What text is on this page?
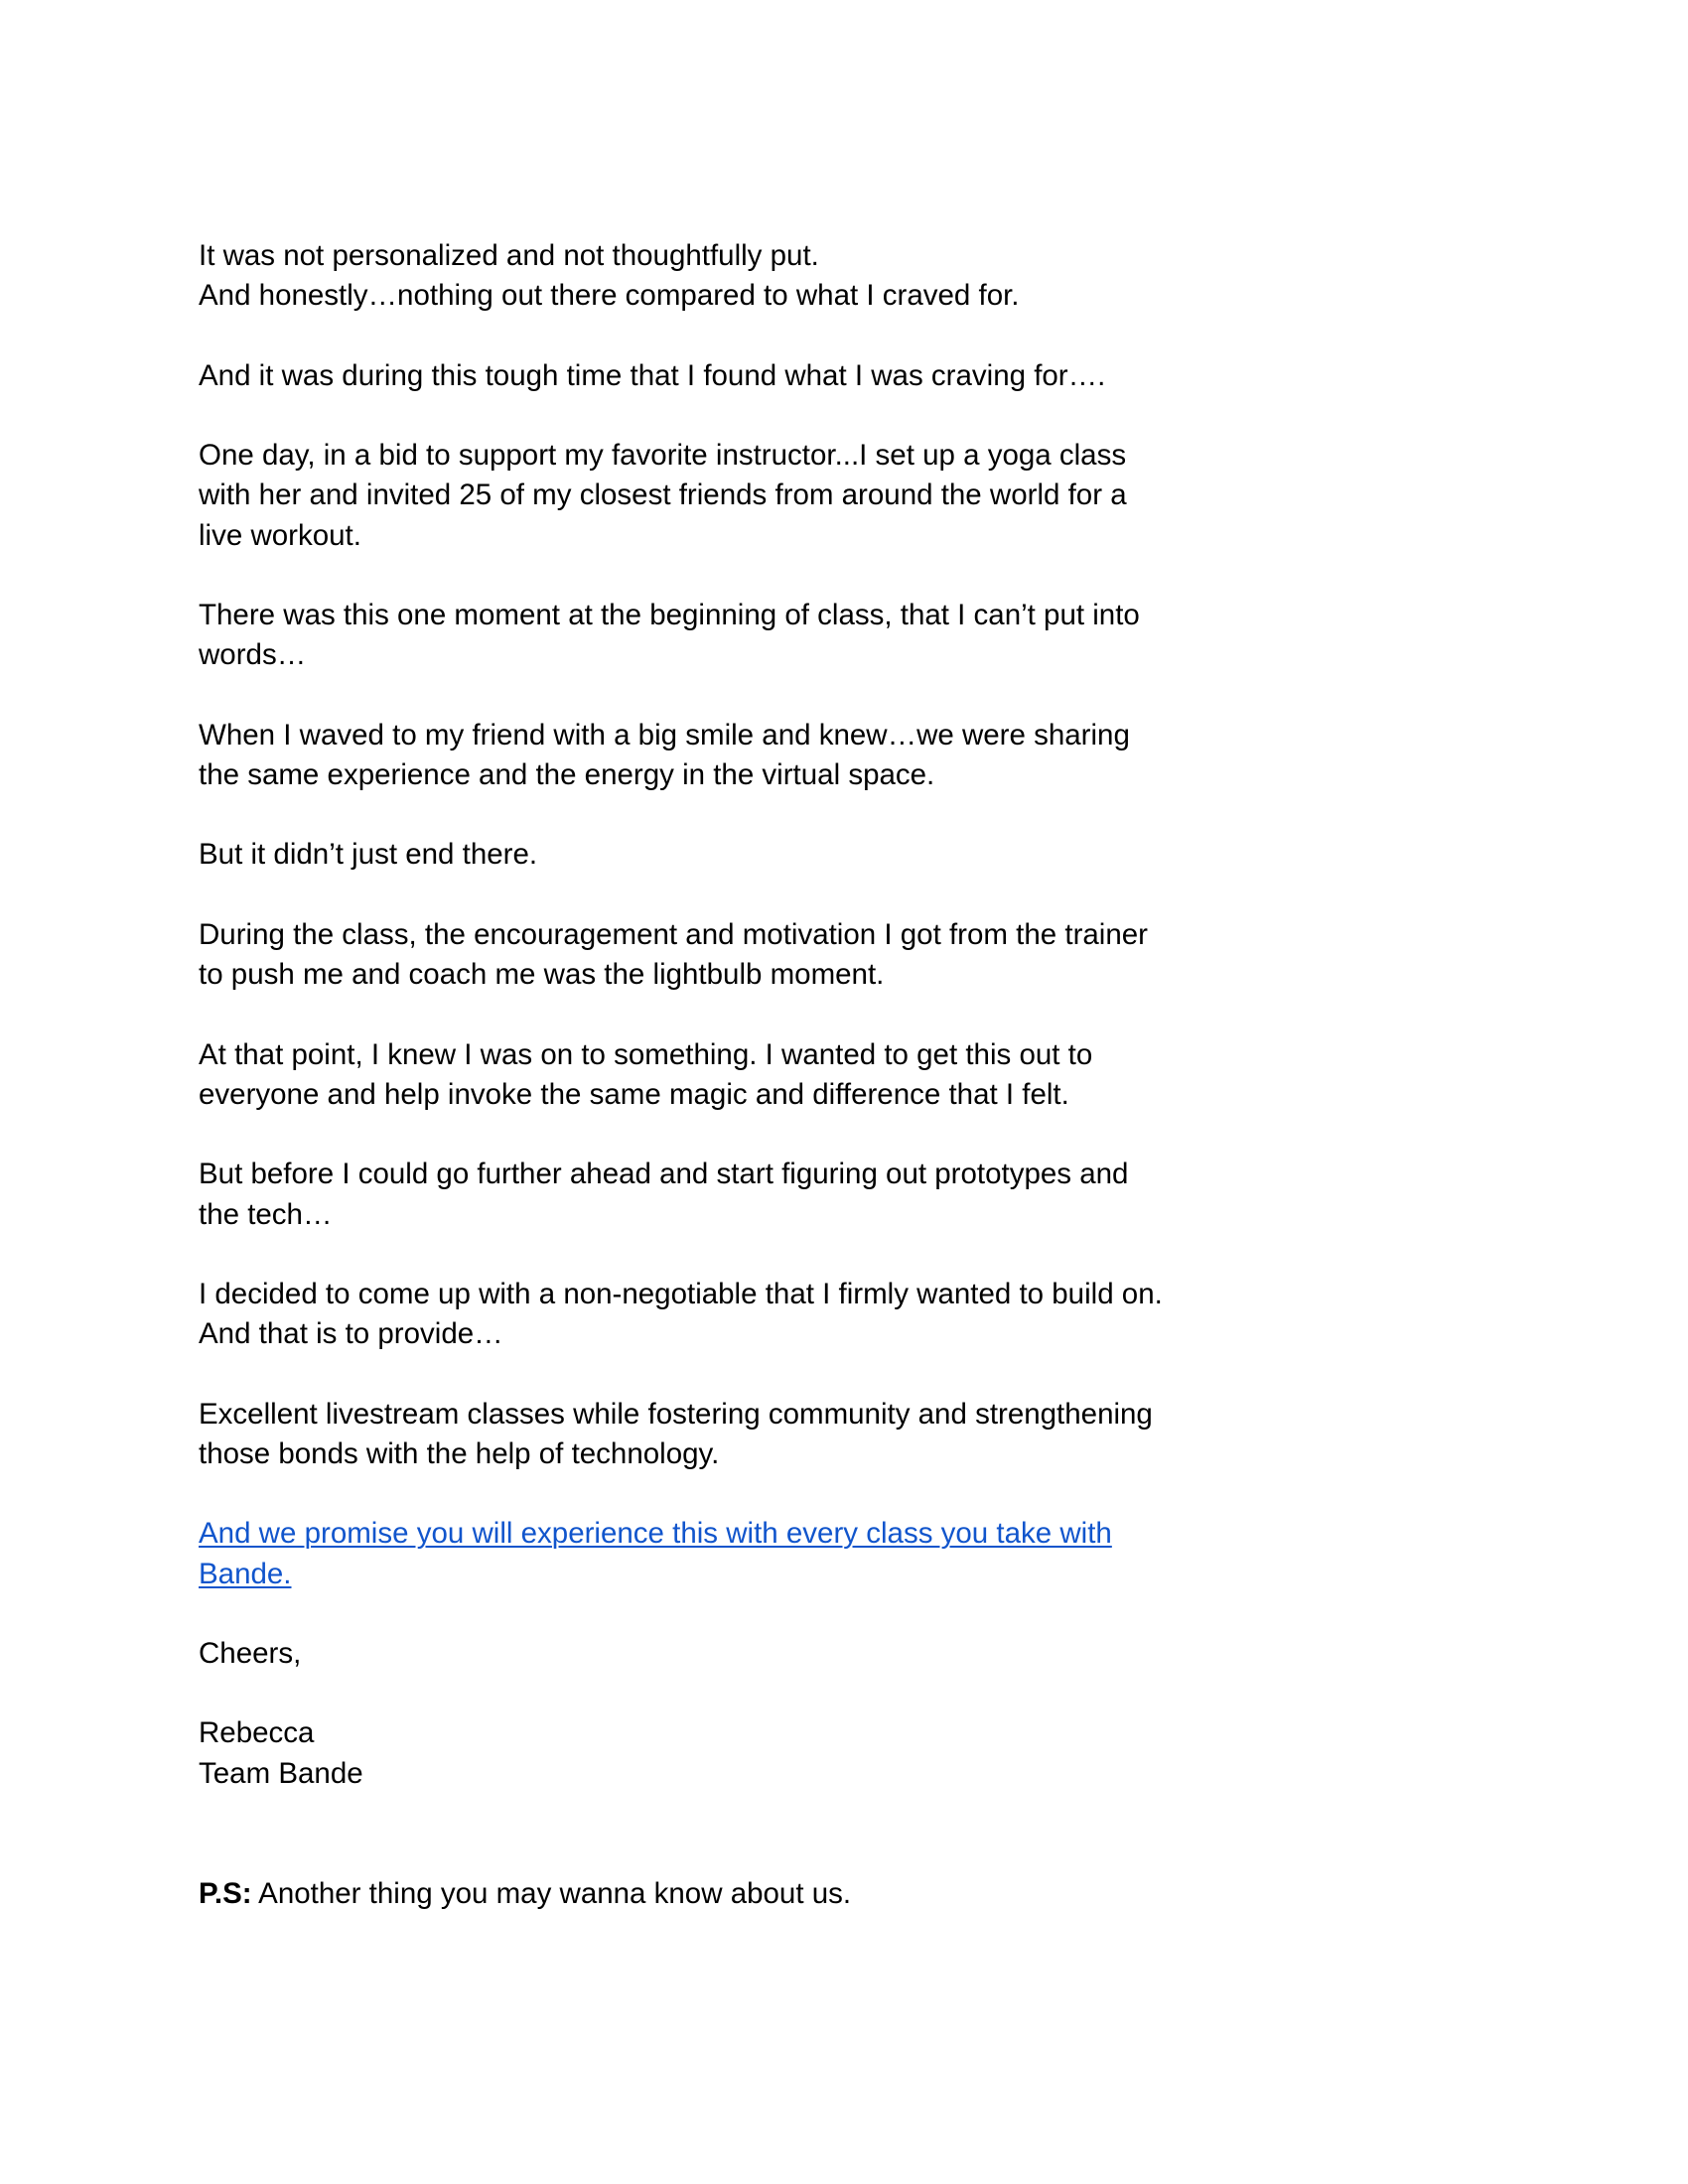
It was not personalized and not thoughtfully put.
And honestly…nothing out there compared to what I craved for.
And it was during this tough time that I found what I was craving for….
One day, in a bid to support my favorite instructor...I set up a yoga class
with her and invited 25 of my closest friends from around the world for a
live workout.
There was this one moment at the beginning of class, that I can’t put into
words…
When I waved to my friend with a big smile and knew…we were sharing
the same experience and the energy in the virtual space.
But it didn’t just end there.
During the class, the encouragement and motivation I got from the trainer
to push me and coach me was the lightbulb moment.
At that point, I knew I was on to something. I wanted to get this out to
everyone and help invoke the same magic and difference that I felt.
But before I could go further ahead and start figuring out prototypes and
the tech…
I decided to come up with a non-negotiable that I firmly wanted to build on.
And that is to provide…
Excellent livestream classes while fostering community and strengthening
those bonds with the help of technology.
And we promise you will experience this with every class you take with
Bande.
Cheers,
Rebecca
Team Bande
P.S: Another thing you may wanna know about us.
